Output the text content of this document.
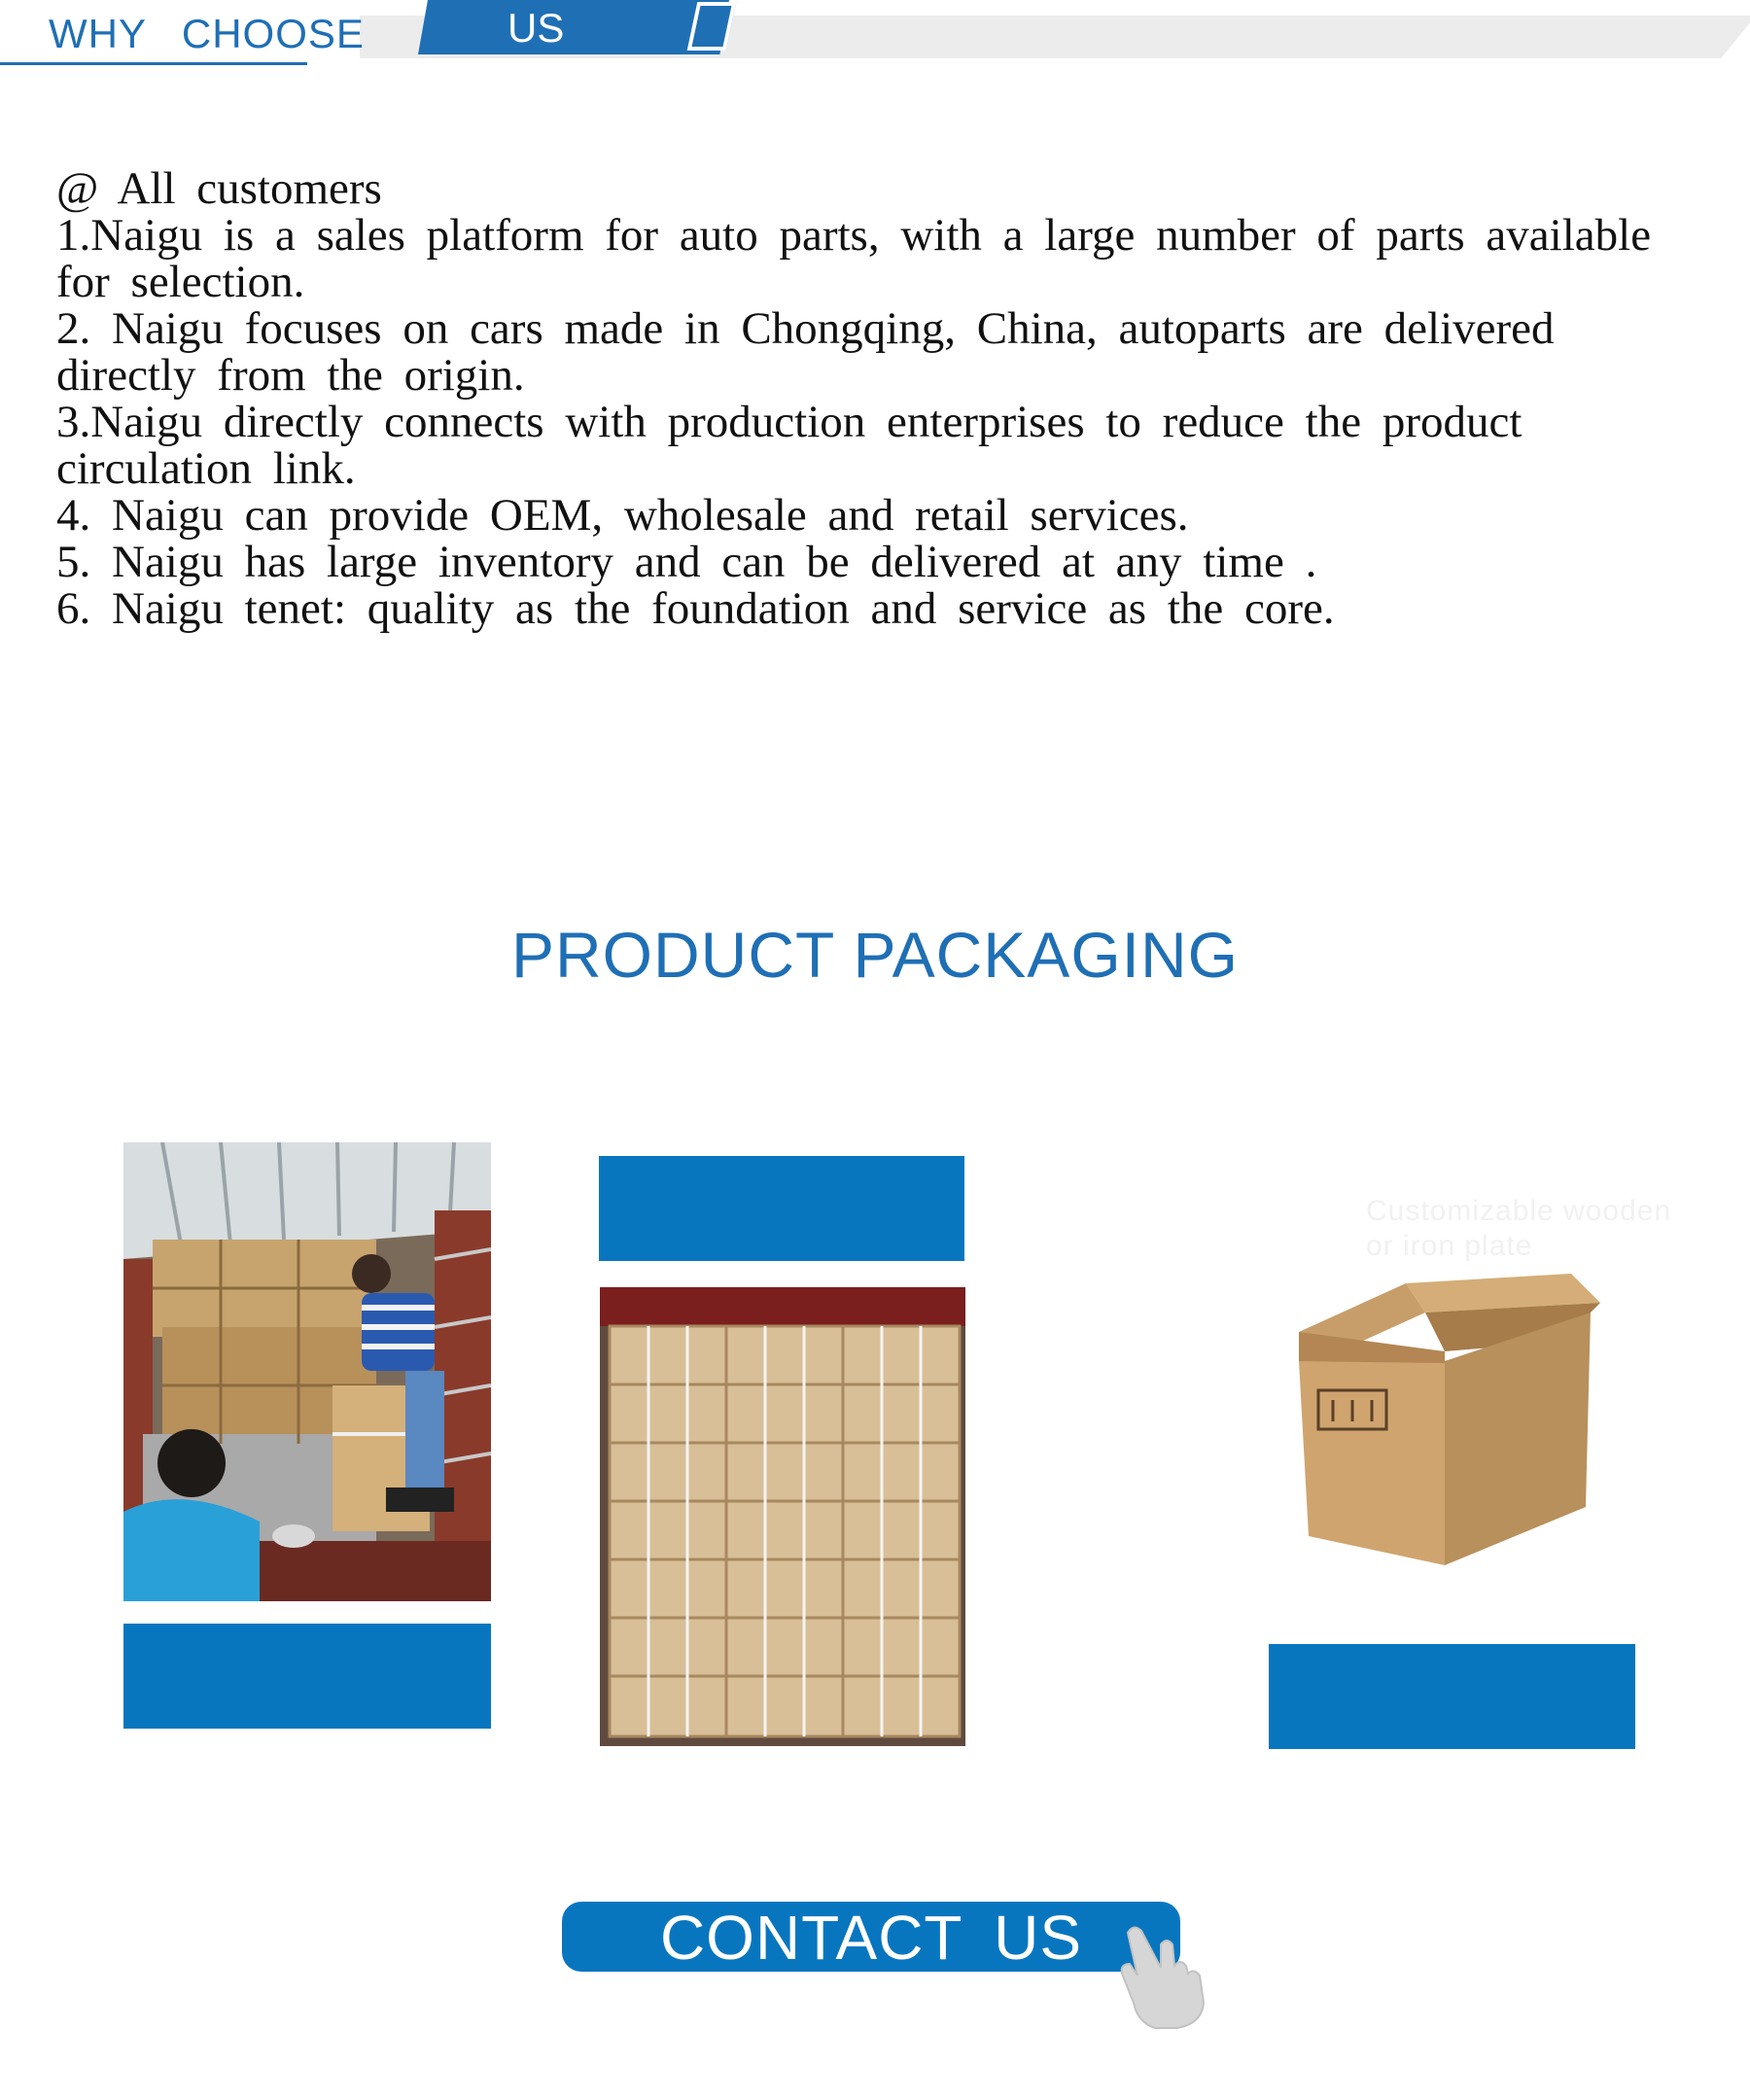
WHY CHOOSE	US
@ All customers
1.Naigu is a sales platform for auto parts, with a large number of parts available for selection.
2. Naigu focuses on cars made in Chongqing, China, autoparts are delivered directly from the origin.
3.Naigu directly connects with production enterprises to reduce the product circulation link.
4. Naigu can provide OEM, wholesale and retail services.
5. Naigu has large inventory and can be delivered at any time .
6. Naigu tenet: quality as the foundation and service as the core.
PRODUCT PACKAGING
Customizable wooden or iron plate
CONTACT US
